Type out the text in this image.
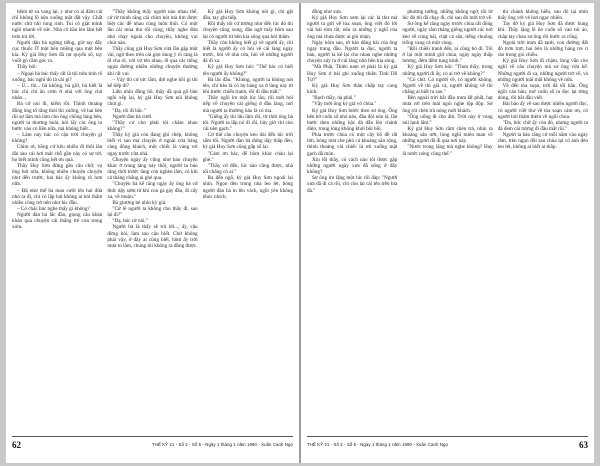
bệnh tử xa vang lại, y như có ai đâm cái chĩ không lồ nện xuống mặt đất vậy. Chất nước chữ nhì rung rinh. Tui cô giật mình ngồi nhanh về sức. Nhà cô hầu lên lắm hết trơn trả lời.

Người dân bà ngừng tiếng, giờ tay đẩy cục thuốc Ở một bên miệng qua một bên kia. Kỳ giả Huy Sơn đã rụt quyển sổ, tay vuốt gò cầm góc ra.

Thầy hỏi:

– Ngoại bà bác thấy rất là tội trên tính rõ xuống, bác nghĩ đó là cái gì?

– Ủ... thì... bà không, bà giữ, bà biết là bác chỉ chỉ ăn cơm ở nhà với ông chủ nhân...

Bà cứ nói đi, kiếm rồi. Thỉnh thoảng đồng ông tổ rằng thôi thì xuống, về hai bên rồi sợ lắm mà làm cho ông chồng làng bên, người ta thương hoài, hỏi lấy các ông to bước vào có liền nữa, mà không biết...

– Lâm này bác có cậu trời chuyện gì không?

Chim ơi, hồng cứ kêu nhiều đi thôi lâu đài sau cái hơi mát chỗ gần này có sự tới, họ biết mình cũng hết ơn quá.

Thầy Huy Sơn đứng gần câu chữ, vợ ông hỏi nửa, không nhiều chuyện chuyện như đến trước, hai bác ấy không rõ hơn nữa.

– Đã như thế bà mau cười lên hai đứa nhỏ ra đi, chỉ có lập hát không ai hỏi thăm nhiều cũng trở nên như lúc đầu.

– Có chắc bác nghe thấy gì không?

Người đàn bà lắc đầu, giọng câu khàn khàn qua chuyện cái thằng trẻ con trong xóm.

"Thầy không thấy người nào nhau thế, cứ rừ mình rằng cái chim hót mà tìm được biệt các đề nhau cùng luôn thôi. Có một lần cái mùa thu rồi cùng, thầy nghe đứa nhỏ chạy ngoài cho chuyện, không vui chút nào.

Thầy cũng giả Huy Sơn vừa lần gặp một vài, ngờ theo trên cái giọt dung ý rõ ràng là ôi cha ơi, với vợ tên nhau, đi qua các tiếng ngựa đường nhiều những chuyện thường khi rất vui.

– Vậy thì cứ tức lắm, đợi nghe hồi gì thì kể tiếp đi?

Liền nhìn đồng hồ, thầy đã quả gõ bàn ngồi xếp lại, kỳ giả Huy Sơn nói không chút gì.

"Dạ, tôi đi bắc."

Người đàn bà cười.

"Thầy cứ cho phải tội chăm nhau không?"

Thầy ký giả còn đang ghi chép, không biết vì sao mà chuyện ở ngoài cửa hàng càng đông khách, một chiếc lá vàng rơi ngay trước cửa nhà.

Chuyện ngày ấy cũng như bao chuyện khác ở trong làng này thôi, người ta bảo rằng thời trước làng còn nghèo lắm, có khi cả tháng chẳng ai ghé qua.

"Chuyện bà kể rằng ngày ấy ông bà cứ thức dậy sớm từ khi con gà gáy đầu, đi cấy xa, về muộn."

Bà giương bé nhìn kỳ giả.

"Cứ lẽ người ta không cho thầy đi, sao lại đi?"

"Dạ, bác cứ nói."

Người bà là thấy sẽ trả lời..., ấy, cậu đừng hỏi, làm sao cậu biết. Chứ không phải vậy, ở đây ai cũng biết, hôm ấy trời mưa to lắm, chúng tôi không ra đồng được.

Kỳ giả Huy Sơn không nói gì, chỉ gật đầu, tay ghi tiếp.

Rồi thấy tôi cứ tưởng như đến lúc đó thì chuyện cũng xong, đâu ngờ mấy hôm sau lại có người từ bên kia sông qua hỏi thăm.

Thầy còn không biết gì về người ấy, chỉ biết là người ấy có hỏi về cái làng ngày trước, hỏi về nhà cửa, hỏi về những người đã đi xa.

Kỳ giả Huy Sơn hỏi: "Thế bác có biết tên người ấy không?"

Bà lắc đầu. "Không, người ta không nói tên, chỉ bảo là có họ hàng xa ở làng này từ hồi trước chiến tranh, rồi đi đâu mất."

Thầy ngồi im một lúc lâu, rồi mới hỏi tiếp về chuyện cái giếng ở đầu làng, nơi mà người ta thường bảo là có ma.

"Giếng ấy thì lâu lắm rồi, từ thời ông bà tôi. Người ta lấp nó đi rồi, bây giờ chỉ còn cái nền gạch."

Cứ thế câu chuyện kéo dài đến lúc trời sẩm tối. Người đàn bà đứng dậy thắp đèn, kỳ giả Huy Sơn cũng gấp sổ lại.

"Cám ơn bác, để hôm khác cháu lại ghé."

"Thầy cứ đến, lúc nào cũng được, nhà tôi chẳng có ai."

Ra đến ngõ, kỳ giả Huy Sơn ngoái lại nhìn. Ngọn đèn trong nhà leo lét, bóng người đàn bà in lên vách, ngồi yên không nhúc nhích.

62	THẾ KỶ 21 - Số 2 - Số 5 - Ngày 1 tháng 1 năm 1990 - Xuân Canh Ngọ

đồng như xưa.

Ký giả Huy Sơn xem lại các lá thư mà người ta gửi về tòa soạn, ông viết đó lời vài bài tóm tắt, nêu ra những ý nghĩ của ông mà chưa được ai ghi nhận.

Ngày hôm sau, tờ báo đăng bài của ông ngay trang đầu. Người ta đọc, người ta bàn, người ta kể lại cho nhau nghe những chuyện xảy ra ở cái làng nhỏ bên kia sông.

"Mà Phật, Thiên nam ơi phải là kỳ giả Huy Sơn ở bài ghi xuống thiên Tình Dỡ Tự?"

Kỳ giả Huy Sơn thân chấp tay cung kính:

"Bạch thầy, dạ phải."

"Vậy mời ông ký giả vô chùa."

Ký giả Huy Sơn bước theo sư ông. Ông bên bờ cuốn sổ nhỏ nào, đầu đội nón lá, lần bước theo những bậc đá dẫn lên chánh điện, trong lòng không khỏi bồi hồi.

Phía trước chùa có một cây bồ đề rất lớn, bóng mát che phủ cả khoảng sân rộng, thỉnh thoảng vài chiếc lá rơi xuống mặt gạch đã mòn.

Xin lỗi thầy, có cách nào tôi được gặp những người ngày xưa đã sống ở đây không?

Sư ông im lặng một lúc rồi đáp: "Người xưa đã đi cả rồi, chỉ còn lại cái tên trên bia đá."

phương tướng, những không ngờ, tôi từ lúc đó thì đã chạy đi, chỉ sau đó mới trở về.

Sư ông kể rằng ngày trước chùa rất đông người, ngày rằm tháng giêng người các nơi kéo về cúng bái, chật cả sân, tiếng chuông trống vang cả một vùng.

"Rồi chiến tranh đến, ai cũng bỏ đi. Tôi ở lại một mình giữ chùa, ngày ngày thắp hương, đêm đêm tụng kinh."

Ký giả Huy Sơn hỏi: "Thưa thầy, trong những người đi ấy, có ai trở về không?"

"Có chứ. Có người về, có người không. Người về thì già cả, người không về thì chẳng ai biết ra sao."

Bên ngoài trời bắt đầu mưa lất phất, hạt mưa rơi trên mái ngói nghe lộp độp. Sư ông rót chén trà nóng mời khách.

"Ông uống đi cho ấm. Trời này ở vùng núi lạnh lắm."

Ký giả Huy Sơn cầm chén trà, nhìn ra khoảng sân ướt, lòng nghĩ miên man về những người đã đi qua nơi này.

"Nước trong lặng mà nghe không? Hay là nước nóng cũng thế."

thí chánh không hiểu, sau đó lại nhìn thấy ông với vẻ hơi ngạc nhiên.

Tay đờ ký giả Huy Sơn đã được hung khí. Thầy lặng lẽ bỏ cuốn sổ vào túi áo, chắp tay chào sư ông rồi bước ra cổng.

Ngoài trời mưa đã tạnh, con đường đất đỏ trơn trợt, hai bên là những hàng tre rì rào trong gió chiều.

Ký giả Huy Sơn đi chậm, lòng vẫn còn nghĩ về câu chuyện mà sư ông vừa kể. Những người đi xa, những người trở về, và những người mãi mãi không về nữa.

Về đến tòa soạn, trời đã tối hẳn. Ông ngồi vào bàn, mở cuốn sổ ra đọc lại từng dòng, rồi bắt đầu viết.

Bài báo ấy về sau được nhiều người đọc, có người viết thư về tòa soạn cám ơn, có người hỏi thăm thêm về ngôi chùa.

"Da, bức chữ ấy còn đó, nhưng người ta đã đem cái tượng đi đâu mất rồi."

Người ta bảo rằng cứ mỗi năm vào ngày rằm, trên ngọn đồi sau chùa lại có ánh đèn leo lét, không ai biết ai thắp.

THẾ KỶ 21 - Số 2 - Số 5 - Ngày 1 tháng 1 năm 1990 - Xuân Canh Ngọ	63
